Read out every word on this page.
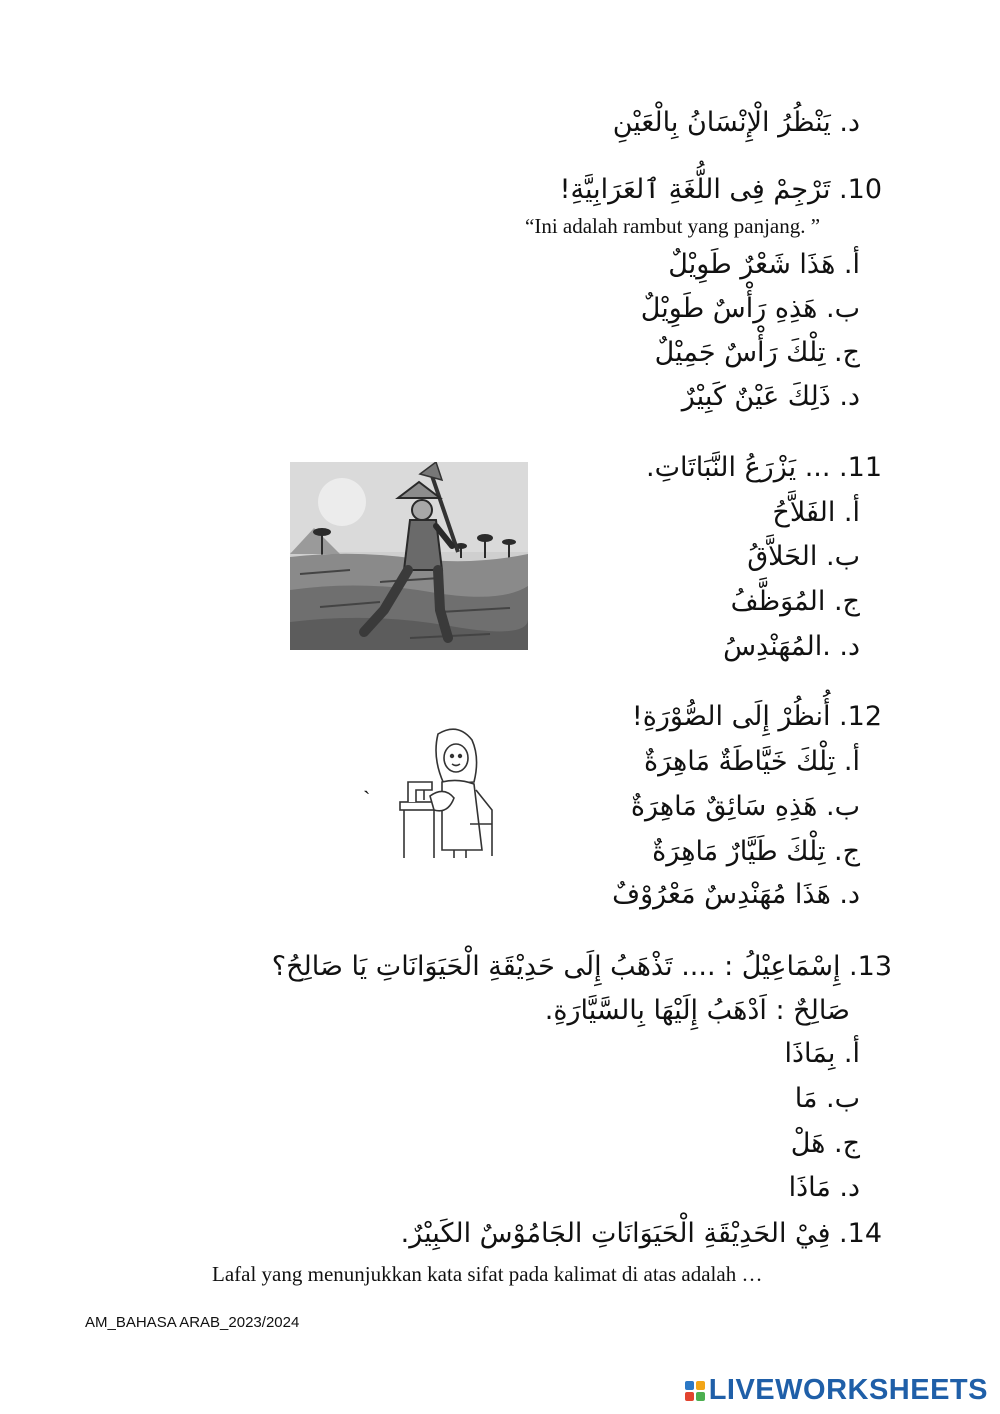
د. يَنْظُرُ الْإِنْسَانُ بِالْعَيْنِ
10. تَرْجِمْ فِى اللُّغَةِ ٱلعَرَابِيَّةِ!
“Ini adalah rambut yang panjang. ”
أ. هَذَا شَعْرٌ طَوِيْلٌ
ب. هَذِهِ رَأْسٌ طَوِيْلٌ
ج. تِلْكَ رَأْسٌ جَمِيْلٌ
د. ذَلِكَ عَيْنٌ كَبِيْرٌ
11. ... يَزْرَعُ النَّبَاتَاتِ.
أ. الفَلاَّحُ
ب. الحَلاَّقُ
ج. المُوَظَّفُ
د. .المُهَنْدِسُ
12. أُنظُرْ إِلَى الصُّوْرَةِ!
أ. تِلْكَ خَيَّاطَةٌ مَاهِرَةٌ
ب. هَذِهِ سَائِقٌ مَاهِرَةٌ
ج. تِلْكَ طَيَّارٌ مَاهِرَةٌ
د. هَذَا مُهَنْدِسٌ مَعْرُوْفٌ
`
13. إِسْمَاعِيْلُ : .... تَذْهَبُ إِلَى حَدِيْقَةِ الْحَيَوَانَاتِ يَا صَالِحُ؟
صَالِحٌ : اَدْهَبُ إِلَيْهَا بِالسَّيَّارَةِ.
أ. بِمَاذَا
ب. مَا
ج. هَلْ
د. مَاذَا
14. فِيْ الحَدِيْقَةِ الْحَيَوَانَاتِ الجَامُوْسٌ الكَبِيْرٌ.
Lafal yang menunjukkan kata sifat pada kalimat di atas adalah …
AM_BAHASA ARAB_2023/2024
LIVEWORKSHEETS
